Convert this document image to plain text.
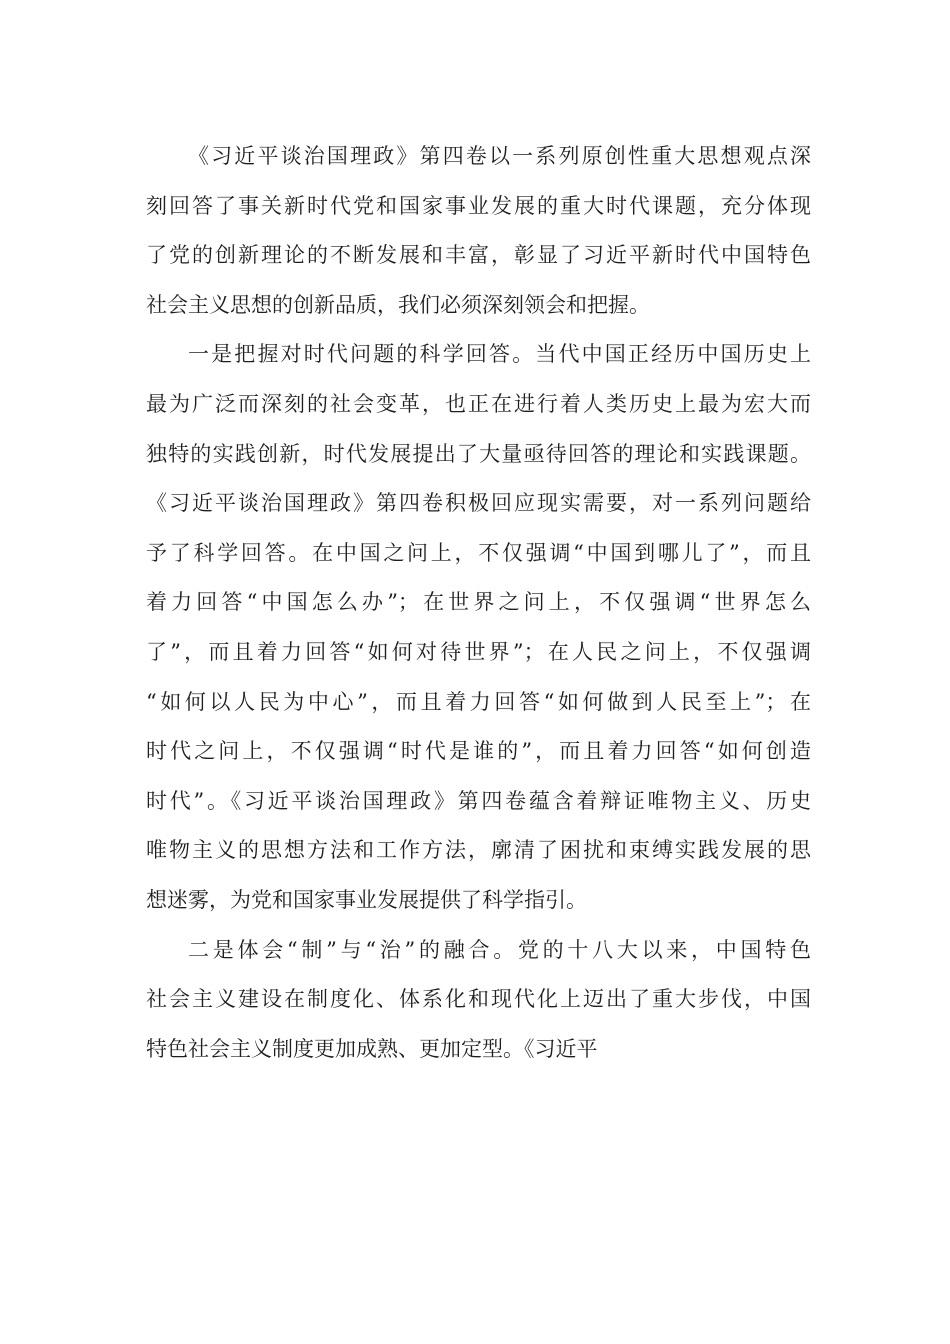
《习近平谈治国理政》第四卷以一系列原创性重大思想观点深
刻回答了事关新时代党和国家事业发展的重大时代课题，充分体现
了党的创新理论的不断发展和丰富，彰显了习近平新时代中国特色
社会主义思想的创新品质，我们必须深刻领会和把握。
一是把握对时代问题的科学回答。当代中国正经历中国历史上
最为广泛而深刻的社会变革，也正在进行着人类历史上最为宏大而
独特的实践创新，时代发展提出了大量亟待回答的理论和实践课题。
《习近平谈治国理政》第四卷积极回应现实需要，对一系列问题给
予了科学回答。在中国之问上，不仅强调“中国到哪儿了”，而且
着力回答“中国怎么办”；在世界之问上，不仅强调“世界怎么
了”，而且着力回答“如何对待世界”；在人民之问上，不仅强调
“如何以人民为中心”，而且着力回答“如何做到人民至上”；在
时代之问上，不仅强调“时代是谁的”，而且着力回答“如何创造
时代”。《习近平谈治国理政》第四卷蕴含着辩证唯物主义、历史
唯物主义的思想方法和工作方法，廓清了困扰和束缚实践发展的思
想迷雾，为党和国家事业发展提供了科学指引。
二是体会“制”与“治”的融合。党的十八大以来，中国特色
社会主义建设在制度化、体系化和现代化上迈出了重大步伐，中国
特色社会主义制度更加成熟、更加定型。《习近平
